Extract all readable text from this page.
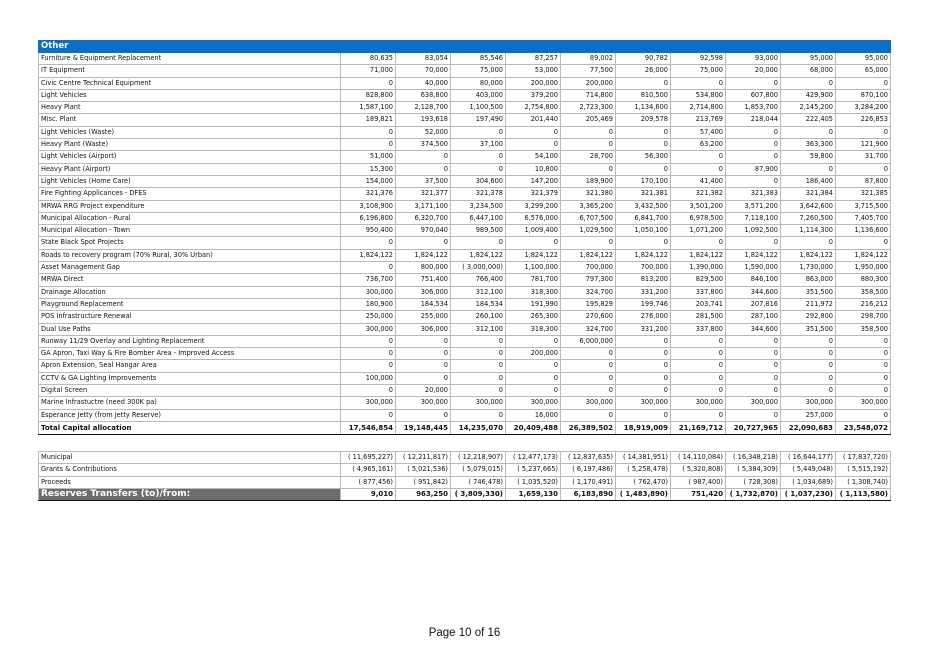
Other										
Furniture & Equipment Replacement	80,635	83,054	85,546	87,257	89,002	90,782	92,598	93,000	95,000	95,000
IT Equipment	71,000	70,000	75,000	53,000	77,500	26,000	75,000	20,000	68,000	65,000
Civic Centre Technical Equipment	0	40,000	80,000	200,000	200,000	0	0	0	0	0
Light Vehicles	828,800	638,800	403,000	379,200	714,800	810,500	534,800	607,800	429,900	870,100
Heavy Plant	1,587,100	2,128,700	1,100,500	2,754,800	2,723,300	1,134,600	2,714,800	1,853,700	2,145,200	3,284,200
Misc. Plant	189,821	193,618	197,490	201,440	205,469	209,578	213,769	218,044	222,405	226,853
Light Vehicles (Waste)	0	52,000	0	0	0	0	57,400	0	0	0
Heavy Plant (Waste)	0	374,500	37,100	0	0	0	63,200	0	363,300	121,900
Light Vehicles (Airport)	51,000	0	0	54,100	28,700	56,300	0	0	59,800	31,700
Heavy Plant (Airport)	15,300	0	0	10,800	0	0	0	87,900	0	0
Light Vehicles (Home Care)	154,000	37,500	304,600	147,200	189,900	170,100	41,400	0	186,400	87,800
Fire Fighting Applicances - DFES	321,376	321,377	321,378	321,379	321,380	321,381	321,382	321,383	321,384	321,385
MRWA RRG Project expenditure	3,108,900	3,171,100	3,234,500	3,299,200	3,365,200	3,432,500	3,501,200	3,571,200	3,642,600	3,715,500
Municipal Allocation - Rural	6,196,800	6,320,700	6,447,100	6,576,000	6,707,500	6,841,700	6,978,500	7,118,100	7,260,500	7,405,700
Municipal Allocation - Town	950,400	970,040	989,500	1,009,400	1,029,500	1,050,100	1,071,200	1,092,500	1,114,300	1,136,600
State Black Spot Projects	0	0	0	0	0	0	0	0	0	0
Roads to recovery program (70% Rural, 30% Urban)	1,824,122	1,824,122	1,824,122	1,824,122	1,824,122	1,824,122	1,824,122	1,824,122	1,824,122	1,824,122
Asset Management Gap	0	800,000	( 3,000,000)	1,100,000	700,000	700,000	1,390,000	1,590,000	1,730,000	1,950,000
MRWA Direct	736,700	751,400	766,400	781,700	797,300	813,200	829,500	846,100	863,000	880,300
Drainage Allocation	300,000	306,000	312,100	318,300	324,700	331,200	337,800	344,600	351,500	358,500
Playground Replacement	180,900	184,534	184,534	191,990	195,829	199,746	203,741	207,816	211,972	216,212
POS Infrastructure Renewal	250,000	255,000	260,100	265,300	270,600	276,000	281,500	287,100	292,800	298,700
Dual Use Paths	300,000	306,000	312,100	318,300	324,700	331,200	337,800	344,600	351,500	358,500
Runway 11/29 Overlay and Lighting Replacement	0	0	0	0	6,000,000	0	0	0	0	0
GA Apron, Taxi Way & Fire Bomber Area - Improved Access	0	0	0	200,000	0	0	0	0	0	0
Apron Extension, Seal Hangar Area	0	0	0	0	0	0	0	0	0	0
CCTV & GA Lighting Improvements	100,000	0	0	0	0	0	0	0	0	0
Digital Screen	0	20,000	0	0	0	0	0	0	0	0
Marine Infrastuctre (need 300K pa)	300,000	300,000	300,000	300,000	300,000	300,000	300,000	300,000	300,000	300,000
Esperance Jetty (from Jetty Reserve)	0	0	0	16,000	0	0	0	0	257,000	0
Total Capital allocation	17,546,854	19,148,445	14,235,070	20,409,488	26,389,502	18,919,009	21,169,712	20,727,965	22,090,683	23,548,072

Municipal	( 11,695,227)	( 12,211,817)	( 12,218,907)	( 12,477,173)	( 12,837,635)	( 14,381,951)	( 14,110,084)	( 16,348,218)	( 16,644,177)	( 17,837,720)
Grants & Contributions	( 4,965,161)	( 5,021,536)	( 5,079,015)	( 5,237,665)	( 6,197,486)	( 5,258,478)	( 5,320,808)	( 5,384,309)	( 5,449,048)	( 5,515,192)
Proceeds	( 877,456)	( 951,842)	( 746,478)	( 1,035,520)	( 1,170,491)	( 762,470)	( 987,400)	( 728,308)	( 1,034,689)	( 1,308,740)
Reserves Transfers (to)/from:	9,010	963,250	( 3,809,330)	1,659,130	6,183,890	( 1,483,890)	751,420	( 1,732,870)	( 1,037,230)	( 1,113,580)
Page 10 of 16
